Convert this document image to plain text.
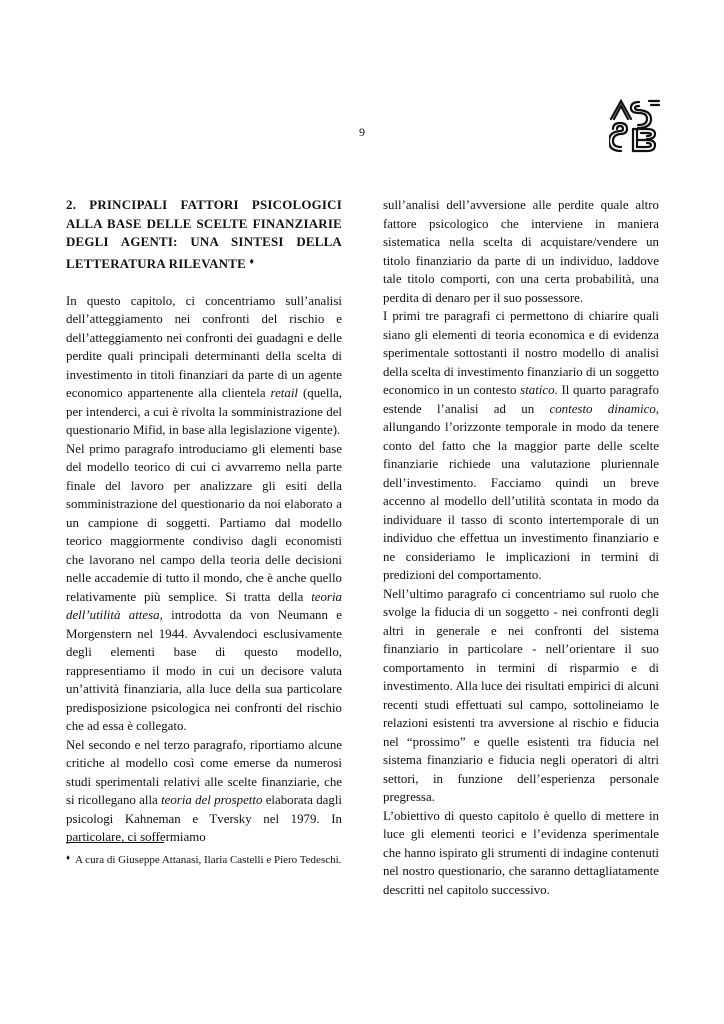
9

2. PRINCIPALI FATTORI PSICOLOGICI ALLA BASE DELLE SCELTE FINANZIARIE DEGLI AGENTI: UNA SINTESI DELLA LETTERATURA RILEVANTE ♦

In questo capitolo, ci concentriamo sull’analisi dell’atteggiamento nei confronti del rischio e dell’atteggiamento nei confronti dei guadagni e delle perdite quali principali determinanti della scelta di investimento in titoli finanziari da parte di un agente economico appartenente alla clientela retail (quella, per intenderci, a cui è rivolta la somministrazione del questionario Mifid, in base alla legislazione vigente).

Nel primo paragrafo introduciamo gli elementi base del modello teorico di cui ci avvarremo nella parte finale del lavoro per analizzare gli esiti della somministrazione del questionario da noi elaborato a un campione di soggetti. Partiamo dal modello teorico maggiormente condiviso dagli economisti che lavorano nel campo della teoria delle decisioni nelle accademie di tutto il mondo, che è anche quello relativamente più semplice. Si tratta della teoria dell’utilità attesa, introdotta da von Neumann e Morgenstern nel 1944. Avvalendoci esclusivamente degli elementi base di questo modello, rappresentiamo il modo in cui un decisore valuta un’attività finanziaria, alla luce della sua particolare predisposizione psicologica nei confronti del rischio che ad essa è collegato.

Nel secondo e nel terzo paragrafo, riportiamo alcune critiche al modello così come emerse da numerosi studi sperimentali relativi alle scelte finanziarie, che si ricollegano alla teoria del prospetto elaborata dagli psicologi Kahneman e Tversky nel 1979. In particolare, ci soffermiamo

sull’analisi dell’avversione alle perdite quale altro fattore psicologico che interviene in maniera sistematica nella scelta di acquistare/vendere un titolo finanziario da parte di un individuo, laddove tale titolo comporti, con una certa probabilità, una perdita di denaro per il suo possessore.

I primi tre paragrafi ci permettono di chiarire quali siano gli elementi di teoria economica e di evidenza sperimentale sottostanti il nostro modello di analisi della scelta di investimento finanziario di un soggetto economico in un contesto statico. Il quarto paragrafo estende l’analisi ad un contesto dinamico, allungando l’orizzonte temporale in modo da tenere conto del fatto che la maggior parte delle scelte finanziarie richiede una valutazione pluriennale dell’investimento. Facciamo quindi un breve accenno al modello dell’utilità scontata in modo da individuare il tasso di sconto intertemporale di un individuo che effettua un investimento finanziario e ne consideriamo le implicazioni in termini di predizioni del comportamento.

Nell’ultimo paragrafo ci concentriamo sul ruolo che svolge la fiducia di un soggetto - nei confronti degli altri in generale e nei confronti del sistema finanziario in particolare - nell’orientare il suo comportamento in termini di risparmio e di investimento. Alla luce dei risultati empirici di alcuni recenti studi effettuati sul campo, sottolineiamo le relazioni esistenti tra avversione al rischio e fiducia nel “prossimo” e quelle esistenti tra fiducia nel sistema finanziario e fiducia negli operatori di altri settori, in funzione dell’esperienza personale pregressa.

L’obiettivo di questo capitolo è quello di mettere in luce gli elementi teorici e l’evidenza sperimentale che hanno ispirato gli strumenti di indagine contenuti nel nostro questionario, che saranno dettagliatamente descritti nel capitolo successivo.

♦ A cura di Giuseppe Attanasi, Ilaria Castelli e Piero Tedeschi.
